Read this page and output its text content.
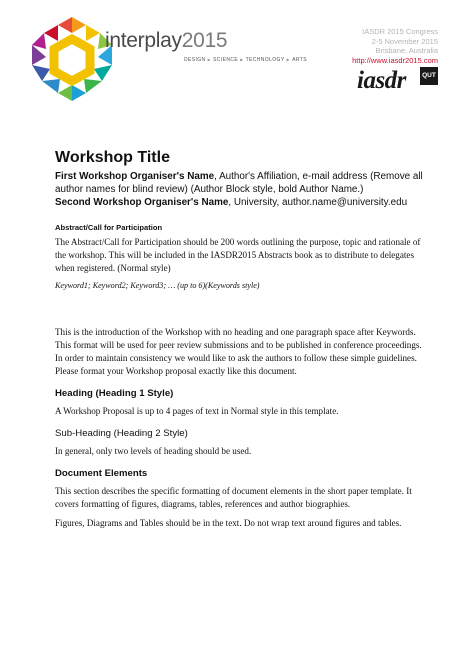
interplay2015
DESIGN ▶ SCIENCE ▶ TECHNOLOGY ▶ ARTS
IASDR 2015 Congress
2-5 November 2015
Brisbane, Australia
http://www.iasdr2015.com
iasdr	QUT
Workshop Title
First Workshop Organiser's Name, Author's Affiliation, e-mail address (Remove all author names for blind review) (Author Block style, bold Author Name.)
Second Workshop Organiser's Name, University, author.name@university.edu
Abstract/Call for Participation

The Abstract/Call for Participation should be 200 words outlining the purpose, topic and rationale of the workshop. This will be included in the IASDR2015 Abstracts book as to distribute to delegates when registered. (Normal style)

Keyword1; Keyword2; Keyword3; … (up to 6)(Keywords style)

This is the introduction of the Workshop with no heading and one paragraph space after Keywords. This format will be used for peer review submissions and to be published in conference proceedings. In order to maintain consistency we would like to ask the authors to follow these simple guidelines. Please format your Workshop proposal exactly like this document.

Heading (Heading 1 Style)

A Workshop Proposal is up to 4 pages of text in Normal style in this template.

Sub-Heading (Heading 2 Style)

In general, only two levels of heading should be used.

Document Elements

This section describes the specific formatting of document elements in the short paper template. It covers formatting of figures, diagrams, tables, references and author biographies.

Figures, Diagrams and Tables should be in the text. Do not wrap text around figures and tables.
